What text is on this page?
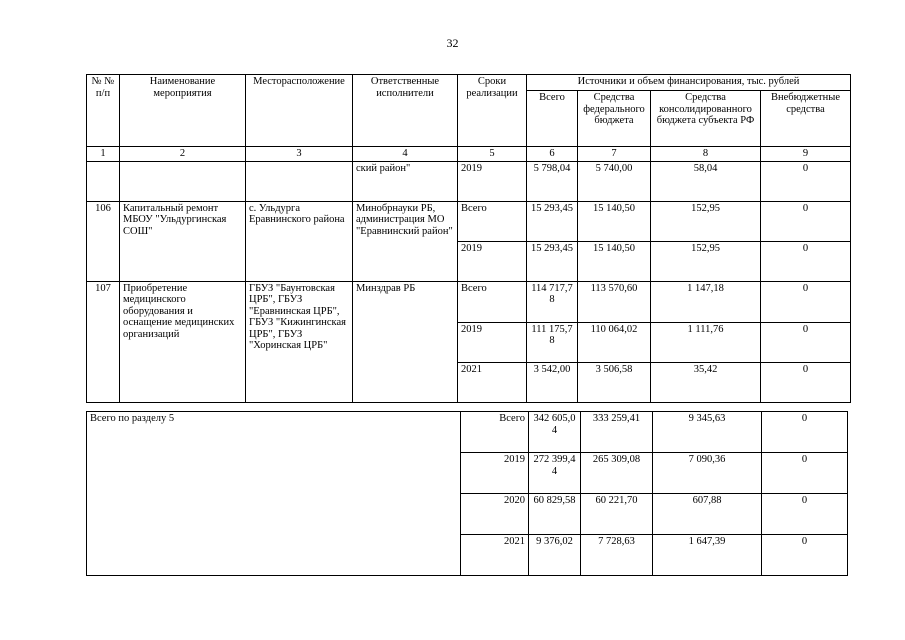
32
№ № п/п	Наименование мероприятия	Месторасположение	Ответственные исполнители	Сроки реализации	Источники и объем финансирования, тыс. рублей			
					Всего	Средства федерального бюджета	Средства консолидированного бюджета субъекта РФ	Внебюджетные средства
1	2	3	4	5	6	7	8	9
			ский район"	2019	5 798,04	5 740,00	58,04	0
106	Капитальный ремонт МБОУ "Ульдургинская СОШ"	с. Ульдурга Еравнинского района	Минобрнауки РБ, администрация МО "Еравнинский район"	Всего	15 293,45	15 140,50	152,95	0
				2019	15 293,45	15 140,50	152,95	0
107	Приобретение медицинского оборудования и оснащение медицинских организаций	ГБУЗ "Баунтовская ЦРБ", ГБУЗ "Еравнинская ЦРБ", ГБУЗ "Кижингинская ЦРБ", ГБУЗ "Хоринская ЦРБ"	Минздрав РБ	Всего	114 717,78	113 570,60	1 147,18	0
				2019	111 175,78	110 064,02	1 111,76	0
				2021	3 542,00	3 506,58	35,42	0
Всего по разделу 5	Всего	342 605,04	333 259,41	9 345,63	0
	2019	272 399,44	265 309,08	7 090,36	0
	2020	60 829,58	60 221,70	607,88	0
	2021	9 376,02	7 728,63	1 647,39	0
